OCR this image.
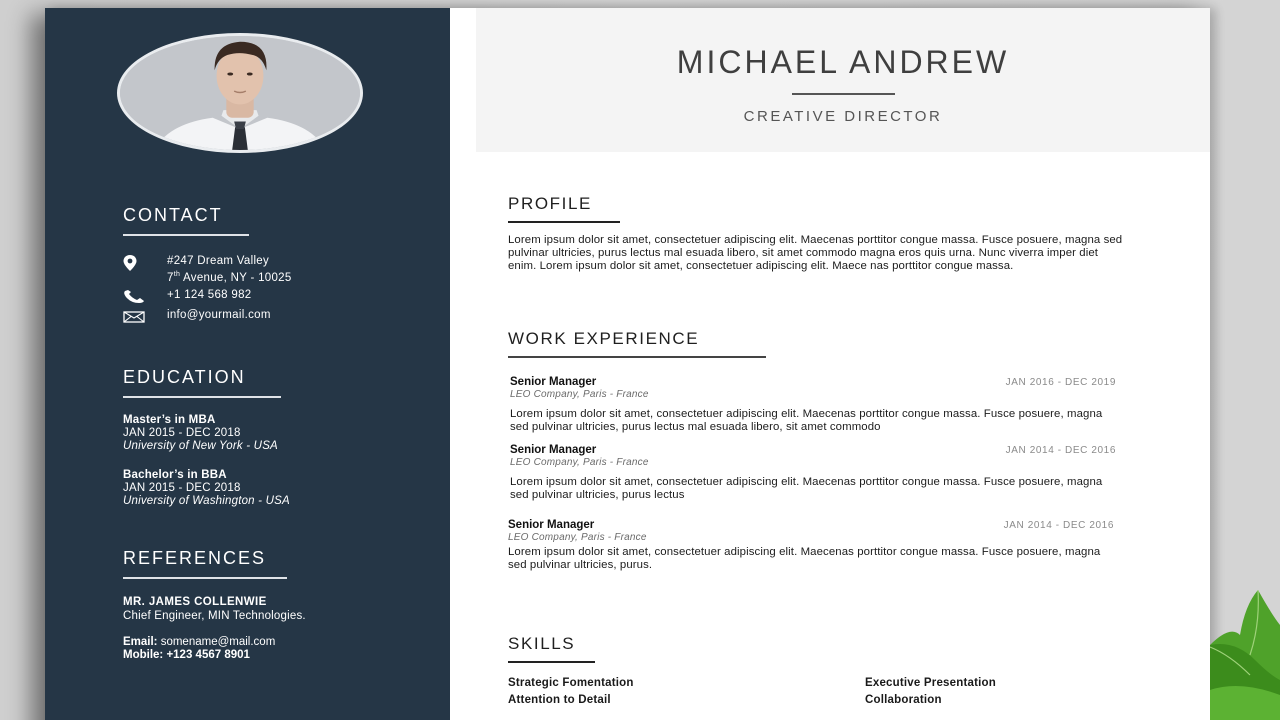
CONTACT
#247 Dream Valley
7th Avenue, NY - 10025
+1 124 568 982
info@yourmail.com
EDUCATION
Master’s in MBA
JAN 2015 - DEC 2018
University of New York - USA
Bachelor’s in BBA
JAN 2015 - DEC 2018
University of Washington - USA
REFERENCES
MR. JAMES COLLENWIE
Chief Engineer, MIN Technologies.
Email: somename@mail.com
Mobile: +123 4567 8901
MICHAEL ANDREW
CREATIVE DIRECTOR
PROFILE

Lorem ipsum dolor sit amet, consectetuer adipiscing elit. Maecenas porttitor congue massa. Fusce posuere, magna sed pulvinar ultricies, purus lectus mal esuada libero, sit amet commodo magna eros quis urna. Nunc viverra imper diet enim. Lorem ipsum dolor sit amet, consectetuer adipiscing elit. Maece nas porttitor congue massa.

WORK EXPERIENCE
Senior Manager
LEO Company, Paris - France
JAN 2016 - DEC 2019

Lorem ipsum dolor sit amet, consectetuer adipiscing elit. Maecenas porttitor congue massa. Fusce posuere, magna sed pulvinar ultricies, purus lectus mal esuada libero, sit amet commodo

Senior Manager
LEO Company, Paris - France
JAN 2014 - DEC 2016

Lorem ipsum dolor sit amet, consectetuer adipiscing elit. Maecenas porttitor congue massa. Fusce posuere, magna sed pulvinar ultricies, purus lectus

Senior Manager
LEO Company, Paris - France
JAN 2014 - DEC 2016

Lorem ipsum dolor sit amet, consectetuer adipiscing elit. Maecenas porttitor congue massa. Fusce posuere, magna sed pulvinar ultricies, purus.

SKILLS
Strategic Fomentation	Executive Presentation
Attention to Detail	Collaboration
